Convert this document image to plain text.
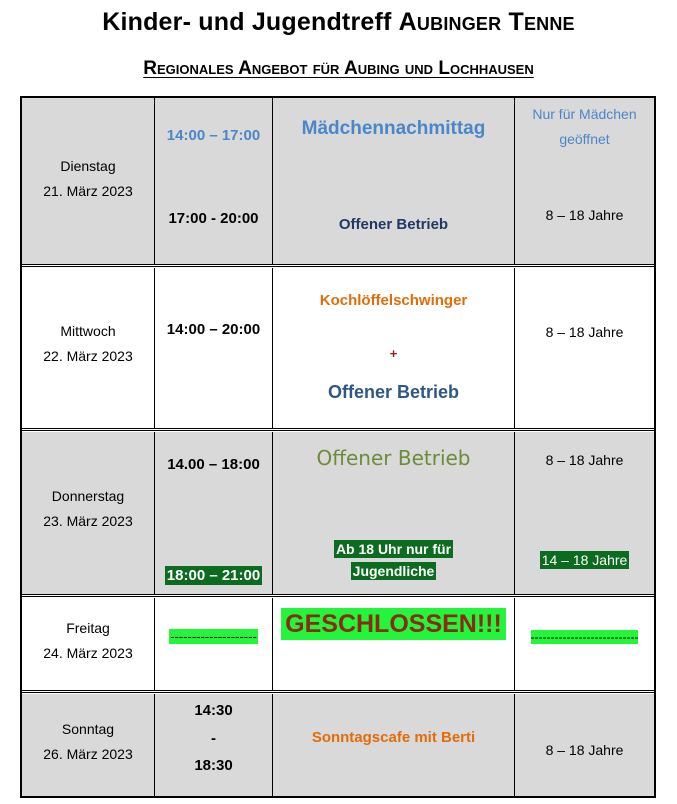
Kinder- und Jugendtreff Aubinger Tenne
Regionales Angebot für Aubing und Lochhausen
Dienstag
21. März 2023
14:00 – 17:00
17:00 - 20:00
Mädchennachmittag
Offener Betrieb
Nur für Mädchen
geöffnet
8 – 18 Jahre
Mittwoch
22. März 2023
14:00 – 20:00
Kochlöffelschwinger
+
Offener Betrieb
8 – 18 Jahre
Donnerstag
23. März 2023
14.00 – 18:00
18:00 – 21:00
Offener Betrieb
Ab 18 Uhr nur für
Jugendliche
8 – 18 Jahre
14 – 18 Jahre
Freitag
24. März 2023
--------------------	GESCHLOSSEN!!!	---------------------------
Sonntag
26. März 2023
14:30
-
18:30
Sonntagscafe mit Berti
8 – 18 Jahre
